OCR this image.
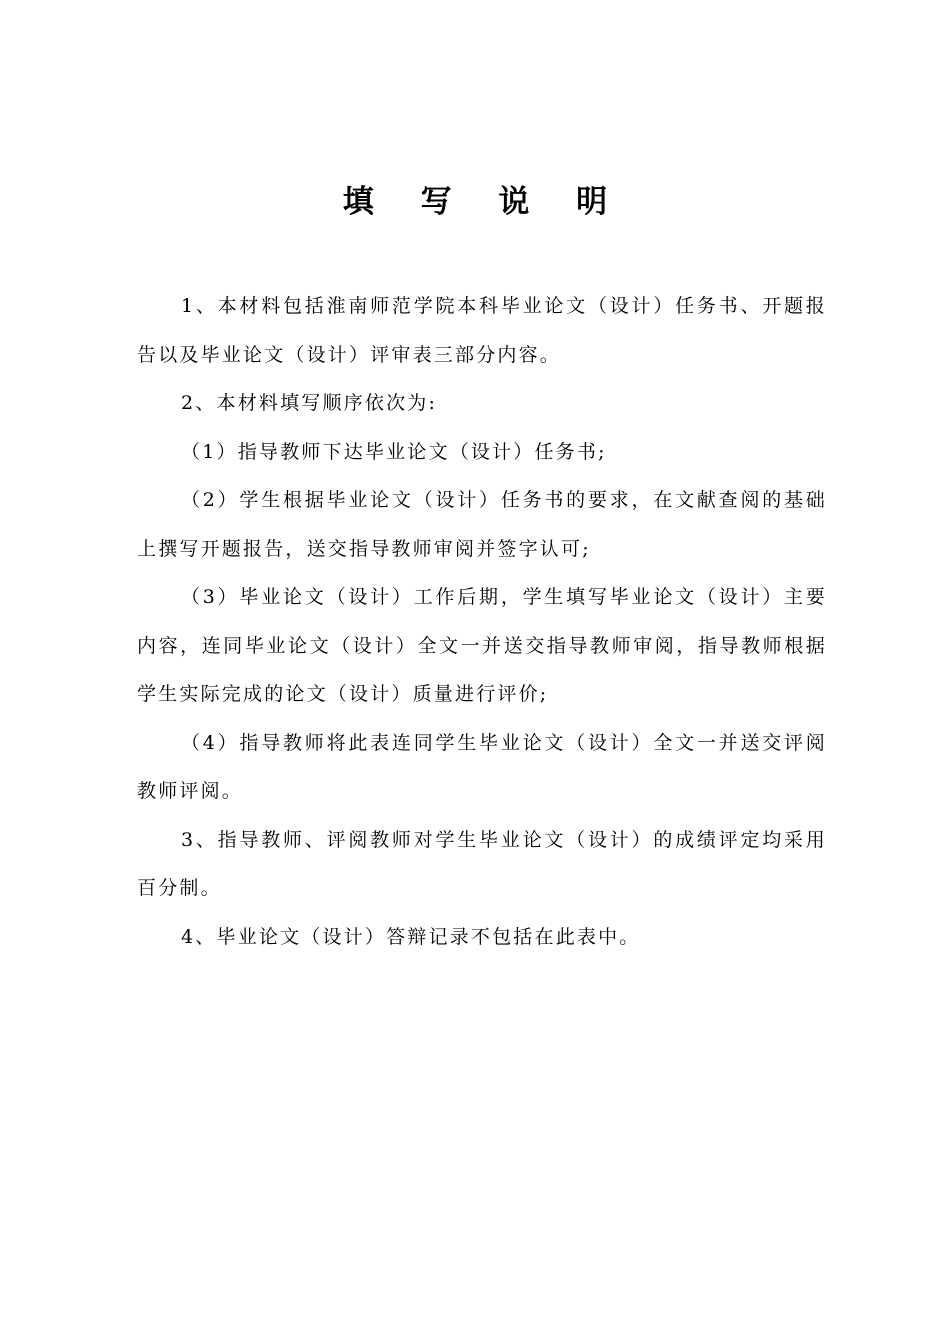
填 写 说 明

1、本材料包括淮南师范学院本科毕业论文（设计）任务书、开题报告以及毕业论文（设计）评审表三部分内容。

2、本材料填写顺序依次为:

（1）指导教师下达毕业论文（设计）任务书;

（2）学生根据毕业论文（设计）任务书的要求，在文献查阅的基础上撰写开题报告，送交指导教师审阅并签字认可;

（3）毕业论文（设计）工作后期，学生填写毕业论文（设计）主要内容，连同毕业论文（设计）全文一并送交指导教师审阅，指导教师根据学生实际完成的论文（设计）质量进行评价;

（4）指导教师将此表连同学生毕业论文（设计）全文一并送交评阅教师评阅。

3、指导教师、评阅教师对学生毕业论文（设计）的成绩评定均采用百分制。

4、毕业论文（设计）答辩记录不包括在此表中。
